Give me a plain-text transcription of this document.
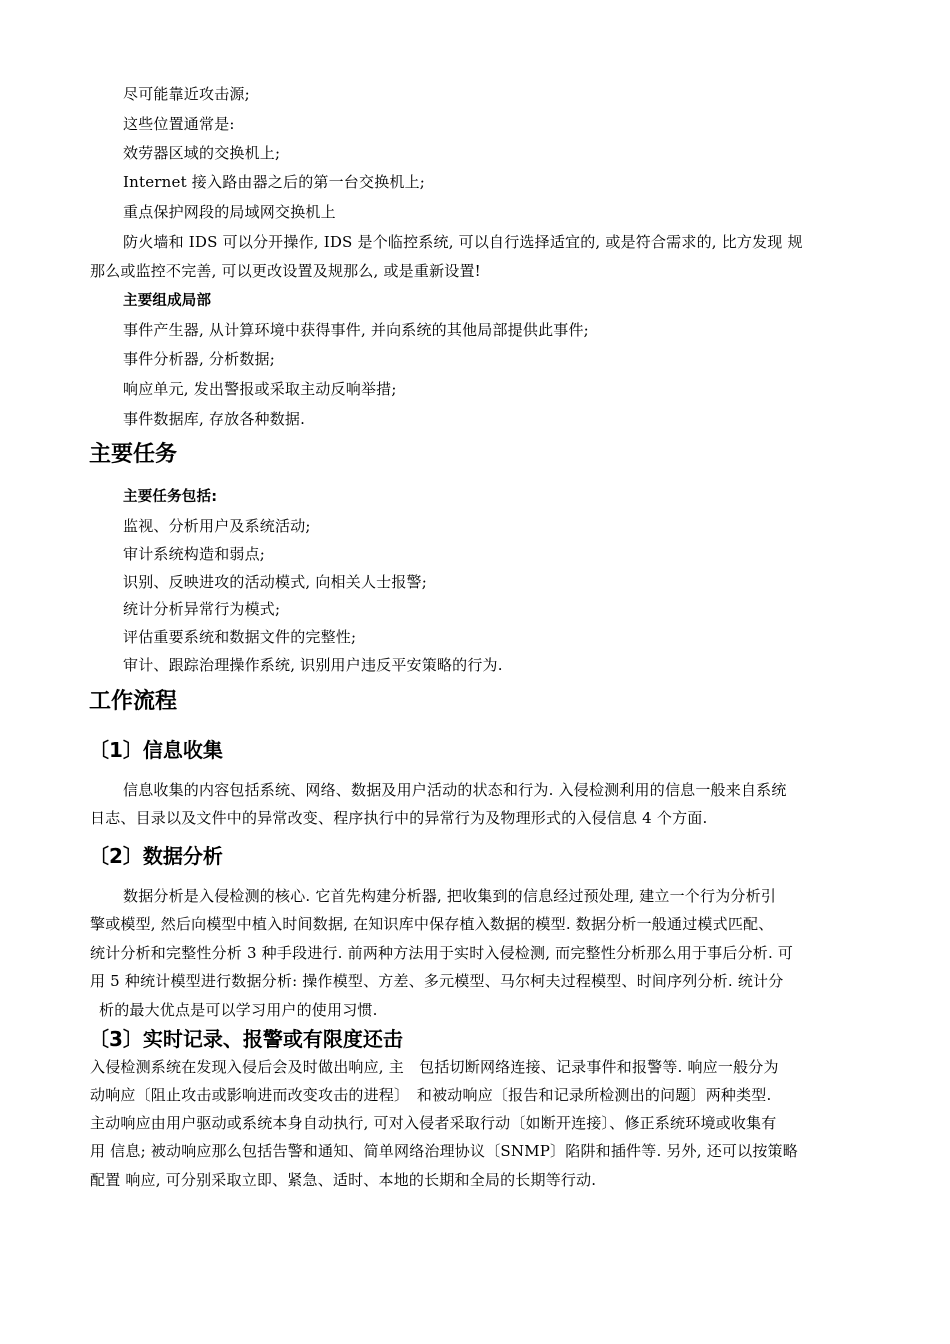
尽可能靠近攻击源;
这些位置通常是:
效劳器区域的交换机上;
Internet 接入路由器之后的第一台交换机上;
重点保护网段的局域网交换机上
防火墙和 IDS 可以分开操作, IDS 是个临控系统, 可以自行选择适宜的, 或是符合需求的, 比方发现 规
那么或监控不完善, 可以更改设置及规那么, 或是重新设置!
主要组成局部
事件产生器, 从计算环境中获得事件, 并向系统的其他局部提供此事件;
事件分析器, 分析数据;
响应单元, 发出警报或采取主动反响举措;
事件数据库, 存放各种数据.
主要任务
主要任务包括:
监视、分析用户及系统活动;
审计系统构造和弱点;
识别、反映进攻的活动模式, 向相关人士报警;
统计分析异常行为模式;
评估重要系统和数据文件的完整性;
审计、跟踪治理操作系统, 识别用户违反平安策略的行为.
工作流程
〔1〕信息收集
信息收集的内容包括系统、网络、数据及用户活动的状态和行为. 入侵检测利用的信息一般来自系统
日志、目录以及文件中的异常改变、程序执行中的异常行为及物理形式的入侵信息 4 个方面.
〔2〕数据分析
数据分析是入侵检测的核心. 它首先构建分析器, 把收集到的信息经过预处理, 建立一个行为分析引
擎或模型, 然后向模型中植入时间数据, 在知识库中保存植入数据的模型. 数据分析一般通过模式匹配、
统计分析和完整性分析 3 种手段进行. 前两种方法用于实时入侵检测, 而完整性分析那么用于事后分析. 可
用 5 种统计模型进行数据分析: 操作模型、方差、多元模型、马尔柯夫过程模型、时间序列分析. 统计分
析的最大优点是可以学习用户的使用习惯.
〔3〕实时记录、报警或有限度还击
入侵检测系统在发现入侵后会及时做出响应, 主　包括切断网络连接、记录事件和报警等. 响应一般分为
动响应〔阻止攻击或影响进而改变攻击的进程〕　和被动响应〔报告和记录所检测出的问题〕两种类型.
主动响应由用户驱动或系统本身自动执行, 可对入侵者采取行动〔如断开连接〕、修正系统环境或收集有
用 信息; 被动响应那么包括告警和通知、简单网络治理协议〔SNMP〕陷阱和插件等. 另外, 还可以按策略
配置 响应, 可分别采取立即、紧急、适时、本地的长期和全局的长期等行动.
